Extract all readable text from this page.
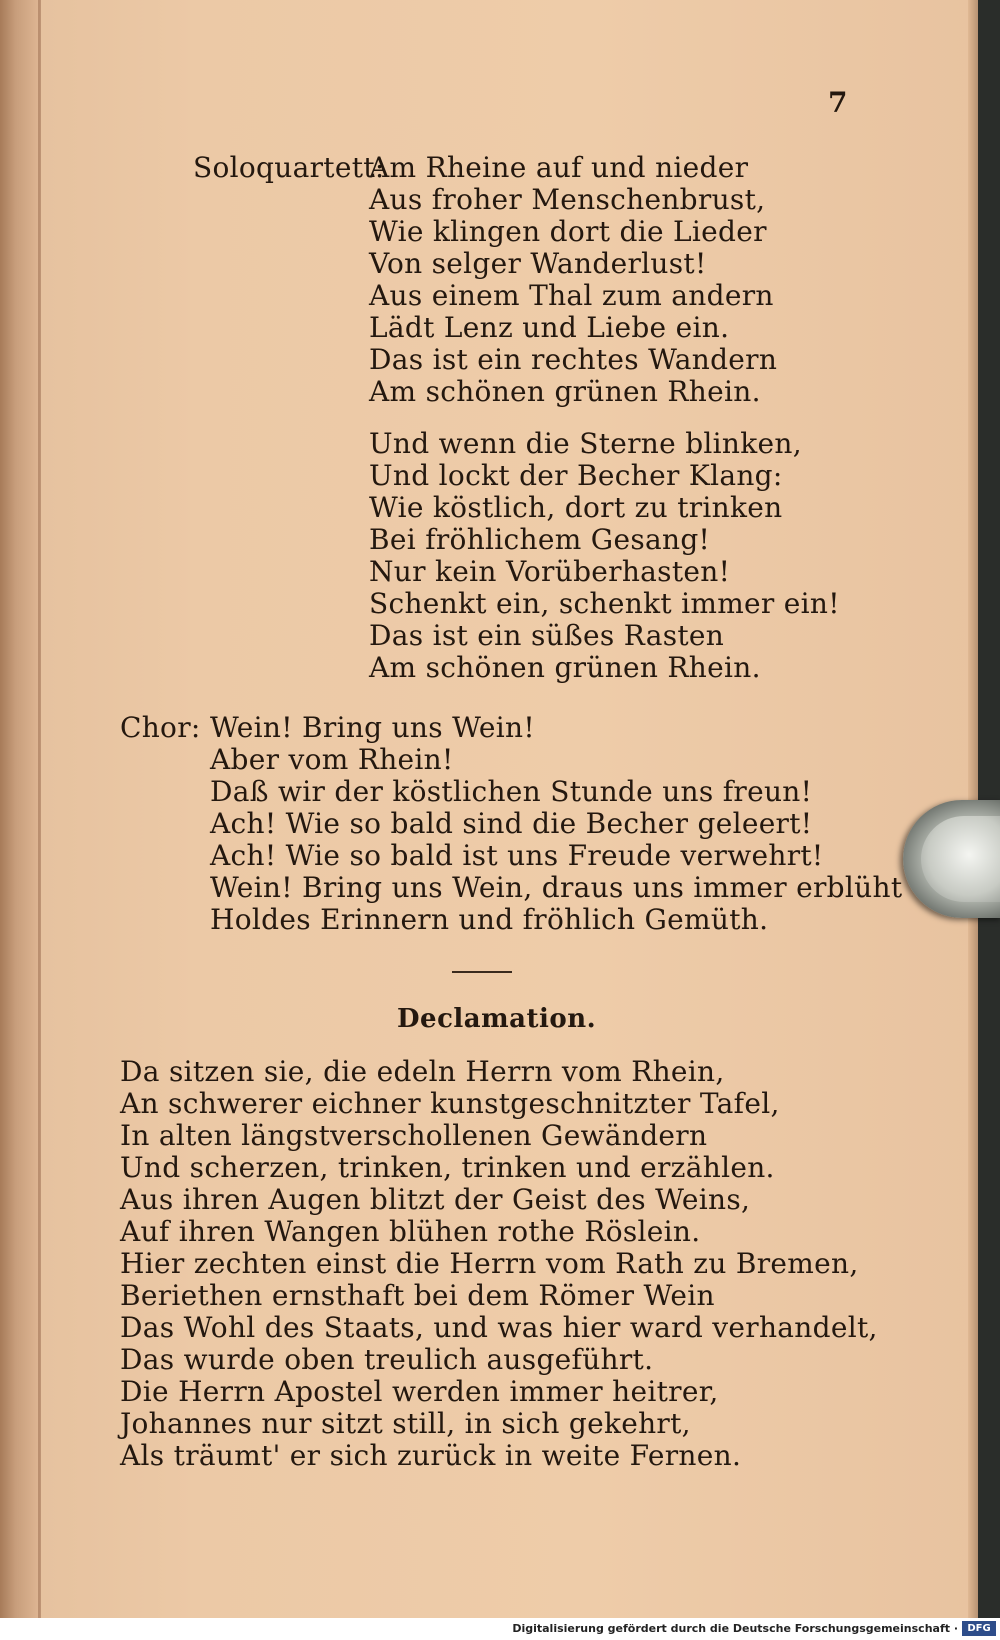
7
Soloquartett:
Am Rheine auf und nieder
Aus froher Menschenbrust,
Wie klingen dort die Lieder
Von selger Wanderlust!
Aus einem Thal zum andern
Lädt Lenz und Liebe ein.
Das ist ein rechtes Wandern
Am schönen grünen Rhein.
Und wenn die Sterne blinken,
Und lockt der Becher Klang:
Wie köstlich, dort zu trinken
Bei fröhlichem Gesang!
Nur kein Vorüberhasten!
Schenkt ein, schenkt immer ein!
Das ist ein süßes Rasten
Am schönen grünen Rhein.
Chor: Wein! Bring uns Wein!
Aber vom Rhein!
Daß wir der köstlichen Stunde uns freun!
Ach! Wie so bald sind die Becher geleert!
Ach! Wie so bald ist uns Freude verwehrt!
Wein! Bring uns Wein, draus uns immer erblüht
Holdes Erinnern und fröhlich Gemüth.
Declamation.
Da sitzen sie, die edeln Herrn vom Rhein,
An schwerer eichner kunstgeschnitzter Tafel,
In alten längstverschollenen Gewändern
Und scherzen, trinken, trinken und erzählen.
Aus ihren Augen blitzt der Geist des Weins,
Auf ihren Wangen blühen rothe Röslein.
Hier zechten einst die Herrn vom Rath zu Bremen,
Beriethen ernsthaft bei dem Römer Wein
Das Wohl des Staats, und was hier ward verhandelt,
Das wurde oben treulich ausgeführt.
Die Herrn Apostel werden immer heitrer,
Johannes nur sitzt still, in sich gekehrt,
Als träumt' er sich zurück in weite Fernen.
Digitalisierung gefördert durch die Deutsche Forschungsgemeinschaft · DFG
